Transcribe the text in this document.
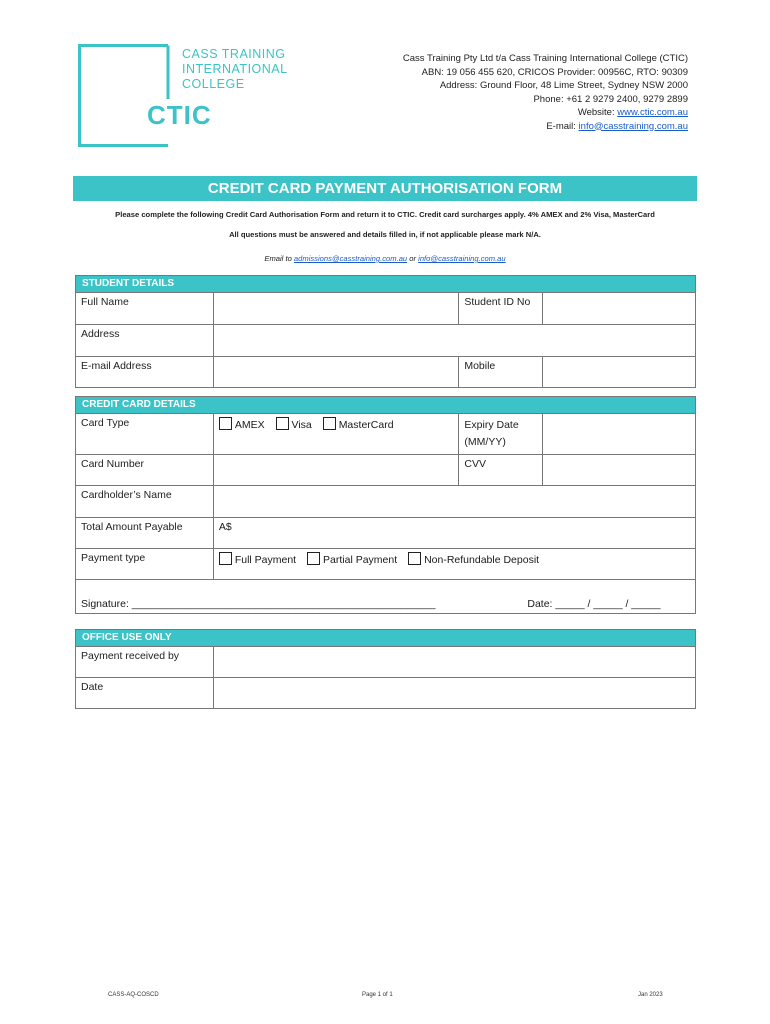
CASS TRAINING
INTERNATIONAL
COLLEGE
CTIC
Cass Training Pty Ltd t/a Cass Training International College (CTIC)
ABN: 19 056 455 620, CRICOS Provider: 00956C, RTO: 90309
Address: Ground Floor, 48 Lime Street, Sydney NSW 2000
Phone: +61 2 9279 2400, 9279 2899
Website: www.ctic.com.au
E-mail: info@casstraining.com.au
CREDIT CARD PAYMENT AUTHORISATION FORM
Please complete the following Credit Card Authorisation Form and return it to CTIC. Credit card surcharges apply. 4% AMEX and 2% Visa, MasterCard
All questions must be answered and details filled in, if not applicable please mark N/A.
Email to admissions@casstraining.com.au or info@casstraining.com.au
STUDENT DETAILS			
Full Name		Student ID No	
Address			
E-mail Address		Mobile	
CREDIT CARD DETAILS			
Card Type	AMEX Visa MasterCard	Expiry Date
(MM/YY)	

Card Number		CVV	
Cardholder’s Name			
Total Amount Payable	A$		
Payment type	Full Payment Partial Payment Non-Refundable Deposit		
Signature: ____________________________________________________ Date: _____ / _____ / _____			
OFFICE USE ONLY	
Payment received by	
Date	
CASS-AQ-COSCD	Page 1 of 1	Jan 2023
